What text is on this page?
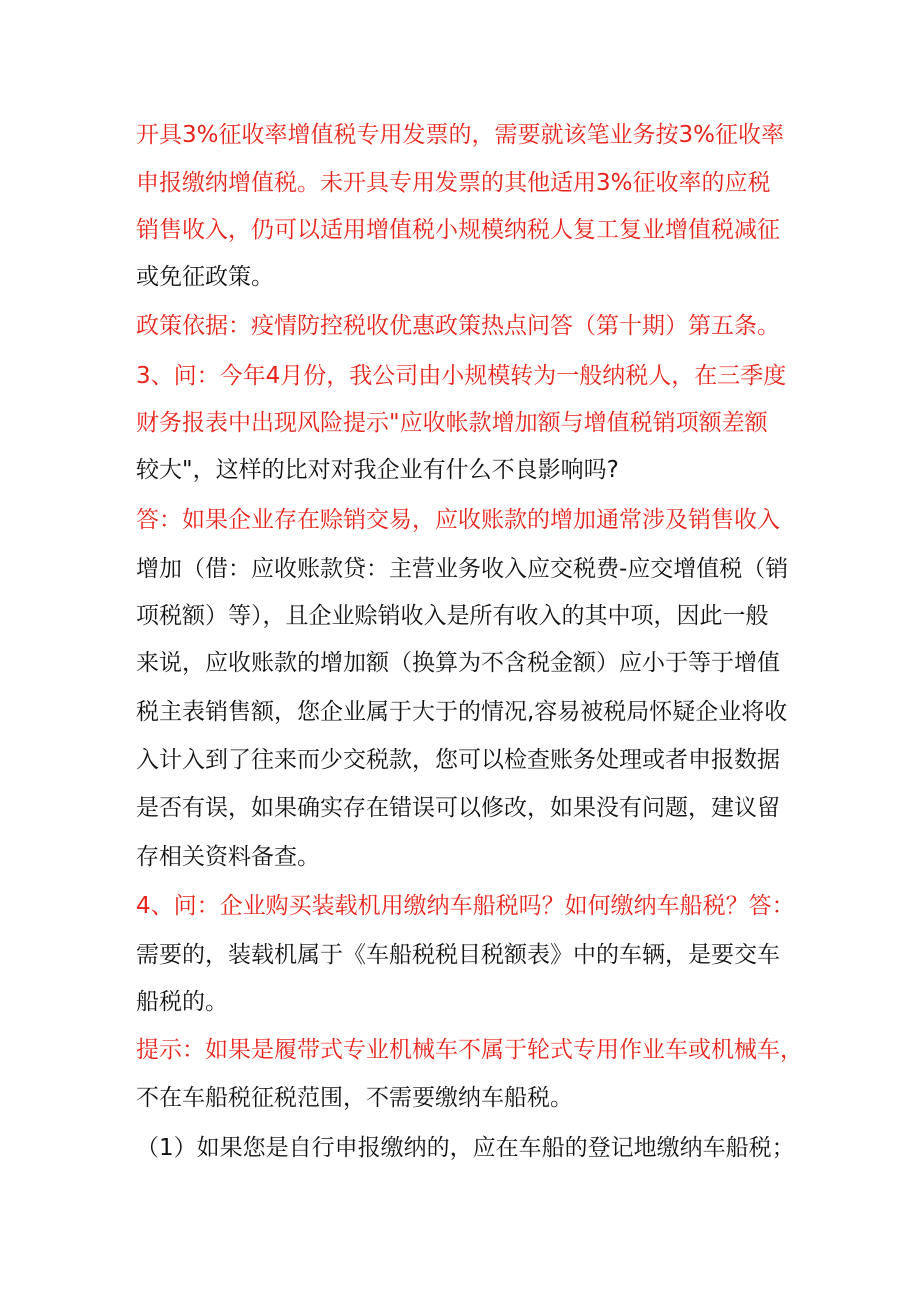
开具3%征收率增值税专用发票的，需要就该笔业务按3%征收率
申报缴纳增值税。未开具专用发票的其他适用3%征收率的应税
销售收入，仍可以适用增值税小规模纳税人复工复业增值税减征
或免征政策。
政策依据：疫情防控税收优惠政策热点问答（第十期）第五条。
3、问：今年4月份，我公司由小规模转为一般纳税人，在三季度
财务报表中出现风险提示"应收帐款增加额与增值税销项额差额
较大"，这样的比对对我企业有什么不良影响吗?
答：如果企业存在赊销交易，应收账款的增加通常涉及销售收入
增加（借：应收账款贷：主营业务收入应交税费-应交增值税（销
项税额）等），且企业赊销收入是所有收入的其中项，因此一般
来说，应收账款的增加额（换算为不含税金额）应小于等于增值
税主表销售额，您企业属于大于的情况,容易被税局怀疑企业将收
入计入到了往来而少交税款，您可以检查账务处理或者申报数据
是否有误，如果确实存在错误可以修改，如果没有问题，建议留
存相关资料备查。
4、问：企业购买装载机用缴纳车船税吗？如何缴纳车船税？答：
需要的，装载机属于《车船税税目税额表》中的车辆，是要交车
船税的。
提示：如果是履带式专业机械车不属于轮式专用作业车或机械车，
不在车船税征税范围，不需要缴纳车船税。
（1）如果您是自行申报缴纳的，应在车船的登记地缴纳车船税；
